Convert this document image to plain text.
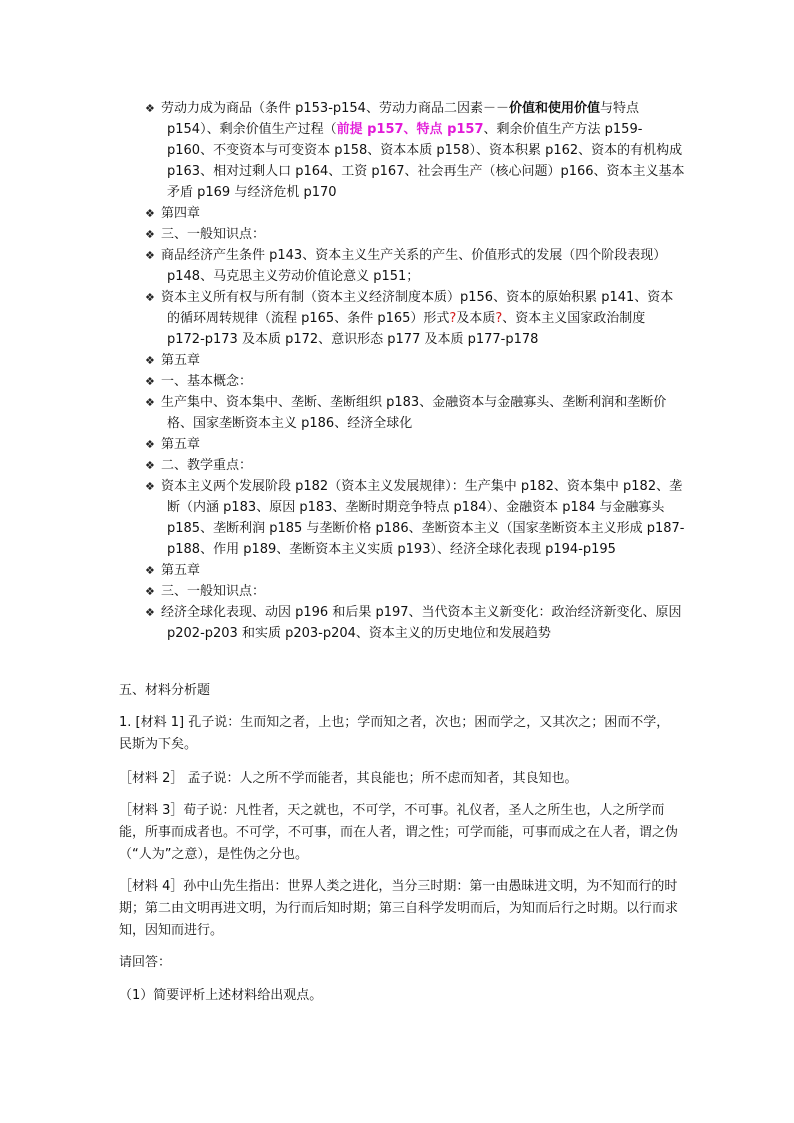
❖ 劳动力成为商品（条件 p153-p154、劳动力商品二因素－－价值和使用价值与特点 p154）、剩余价值生产过程（前提 p157、特点 p157、剩余价值生产方法 p159-p160、不变资本与可变资本 p158、资本本质 p158）、资本积累 p162、资本的有机构成 p163、相对过剩人口 p164、工资 p167、社会再生产（核心问题）p166、资本主义基本矛盾 p169 与经济危机 p170
❖ 第四章
❖ 三、一般知识点：
❖ 商品经济产生条件 p143、资本主义生产关系的产生、价值形式的发展（四个阶段表现）p148、马克思主义劳动价值论意义 p151；
❖ 资本主义所有权与所有制（资本主义经济制度本质）p156、资本的原始积累 p141、资本的循环周转规律（流程 p165、条件 p165）形式?及本质?、资本主义国家政治制度 p172-p173 及本质 p172、意识形态 p177 及本质 p177-p178
❖ 第五章
❖ 一、基本概念：
❖ 生产集中、资本集中、垄断、垄断组织 p183、金融资本与金融寡头、垄断利润和垄断价格、国家垄断资本主义 p186、经济全球化
❖ 第五章
❖ 二、教学重点：
❖ 资本主义两个发展阶段 p182（资本主义发展规律）：生产集中 p182、资本集中 p182、垄断（内涵 p183、原因 p183、垄断时期竞争特点 p184）、金融资本 p184 与金融寡头 p185、垄断利润 p185 与垄断价格 p186、垄断资本主义（国家垄断资本主义形成 p187-p188、作用 p189、垄断资本主义实质 p193）、经济全球化表现 p194-p195
❖ 第五章
❖ 三、一般知识点：
❖ 经济全球化表现、动因 p196 和后果 p197、当代资本主义新变化：政治经济新变化、原因 p202-p203 和实质 p203-p204、资本主义的历史地位和发展趋势

五、材料分析题

1. [材料 1] 孔子说：生而知之者，上也；学而知之者，次也；困而学之，又其次之；困而不学，民斯为下矣。

［材料 2］ 孟子说：人之所不学而能者，其良能也；所不虑而知者，其良知也。

［材料 3］荀子说：凡性者，天之就也，不可学，不可事。礼仪者，圣人之所生也，人之所学而能，所事而成者也。不可学，不可事，而在人者，谓之性；可学而能，可事而成之在人者，谓之伪（“人为”之意），是性伪之分也。

［材料 4］孙中山先生指出：世界人类之进化，当分三时期：第一由愚昧进文明，为不知而行的时期；第二由文明再进文明，为行而后知时期；第三自科学发明而后，为知而后行之时期。以行而求知，因知而进行。

请回答：

（1）简要评析上述材料给出观点。
